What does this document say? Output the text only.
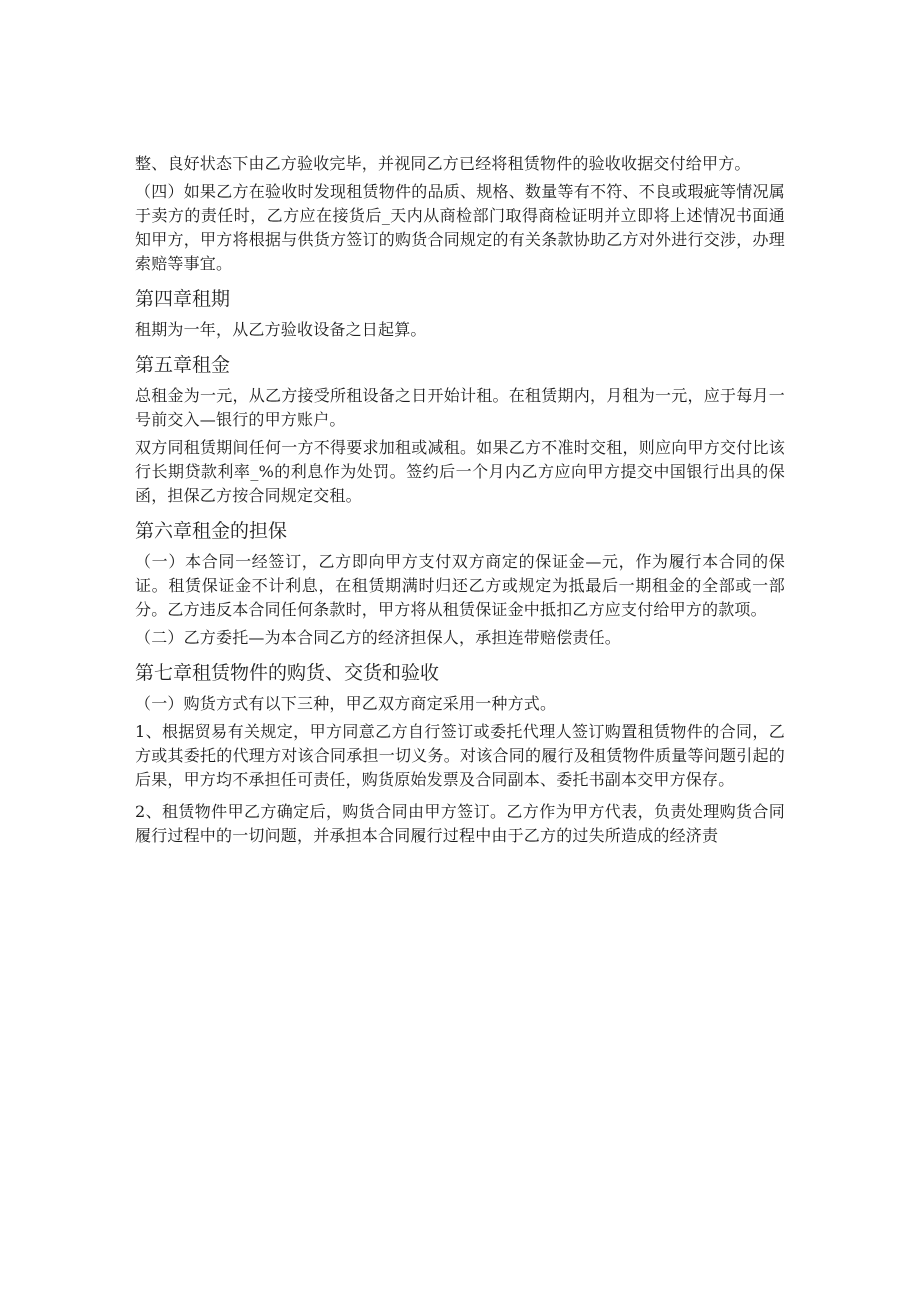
整、良好状态下由乙方验收完毕，并视同乙方已经将租赁物件的验收收据交付给甲方。

（四）如果乙方在验收时发现租赁物件的品质、规格、数量等有不符、不良或瑕疵等情况属于卖方的责任时，乙方应在接货后_天内从商检部门取得商检证明并立即将上述情况书面通知甲方，甲方将根据与供货方签订的购货合同规定的有关条款协助乙方对外进行交涉，办理索赔等事宜。

第四章租期

租期为一年，从乙方验收设备之日起算。

第五章租金

总租金为一元，从乙方接受所租设备之日开始计租。在租赁期内，月租为一元，应于每月一号前交入—银行的甲方账户。

双方同租赁期间任何一方不得要求加租或减租。如果乙方不准时交租，则应向甲方交付比该行长期贷款利率_%的利息作为处罚。签约后一个月内乙方应向甲方提交中国银行出具的保函，担保乙方按合同规定交租。

第六章租金的担保

（一）本合同一经签订，乙方即向甲方支付双方商定的保证金—元，作为履行本合同的保证。租赁保证金不计利息，在租赁期满时归还乙方或规定为抵最后一期租金的全部或一部分。乙方违反本合同任何条款时，甲方将从租赁保证金中抵扣乙方应支付给甲方的款项。

（二）乙方委托—为本合同乙方的经济担保人，承担连带赔偿责任。

第七章租赁物件的购货、交货和验收

（一）购货方式有以下三种，甲乙双方商定采用一种方式。

1、根据贸易有关规定，甲方同意乙方自行签订或委托代理人签订购置租赁物件的合同，乙方或其委托的代理方对该合同承担一切义务。对该合同的履行及租赁物件质量等问题引起的后果，甲方均不承担任可责任，购货原始发票及合同副本、委托书副本交甲方保存。

2、租赁物件甲乙方确定后，购货合同由甲方签订。乙方作为甲方代表，负责处理购货合同履行过程中的一切问题，并承担本合同履行过程中由于乙方的过失所造成的经济责
